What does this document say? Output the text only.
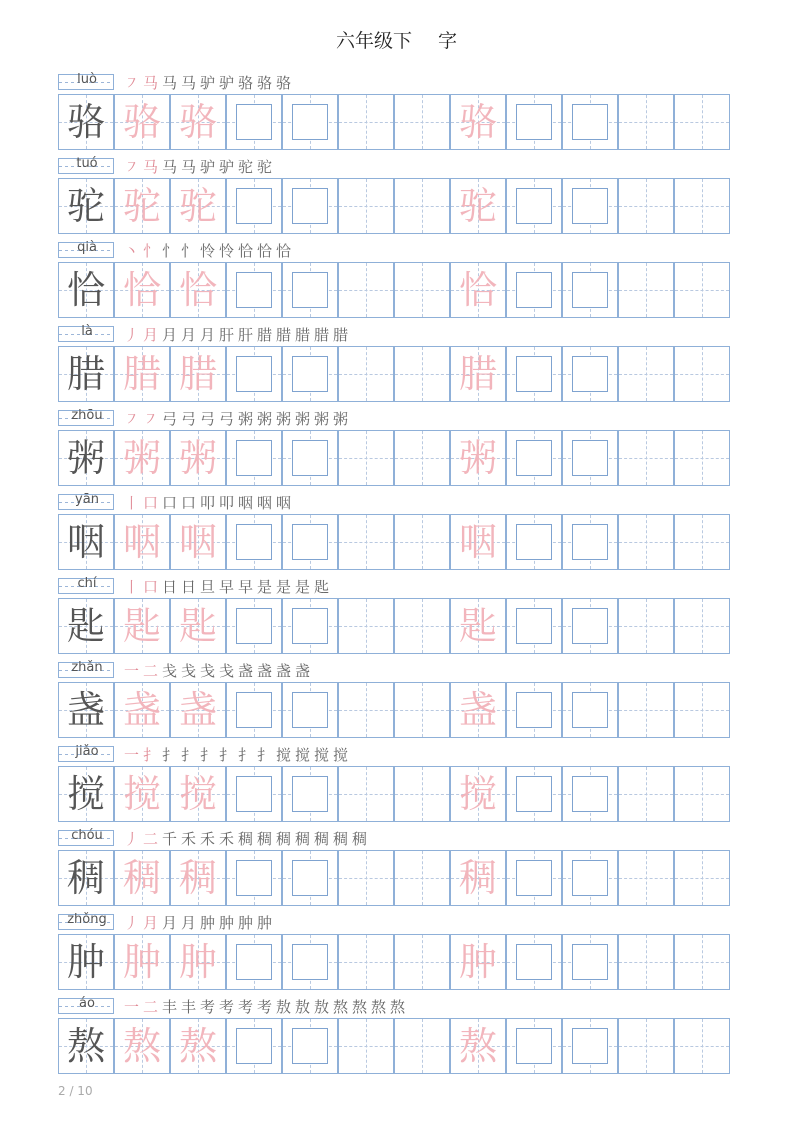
六年级下 字
luò	㇇ 马 马 马 驴 驴 骆 骆 骆
骆 骆 骆	骆
tuó	㇇ 马 马 马 驴 驴 驼 驼
驼 驼 驼	驼
qià	丶 忄 忄 忄 怜 怜 恰 恰 恰
恰 恰 恰	恰
là	丿 月 月 月 月 肝 肝 腊 腊 腊 腊 腊
腊 腊 腊	腊
zhōu	㇇ ㇇ 弓 弓 弓 弓 粥 粥 粥 粥 粥 粥
粥 粥 粥	粥
yān	丨 口 口 口 叩 叩 咽 咽 咽
咽 咽 咽	咽
chí	丨 口 日 日 旦 早 早 是 是 是 匙
匙 匙 匙	匙
zhǎn	一 二 戋 戋 戋 戋 盏 盏 盏 盏
盏 盏 盏	盏
jiǎo	一 扌 扌 扌 扌 扌 扌 扌 搅 搅 搅 搅
搅 搅 搅	搅
chóu	丿 二 千 禾 禾 禾 稠 稠 稠 稠 稠 稠 稠
稠 稠 稠	稠
zhǒng	丿 月 月 月 肿 肿 肿 肿
肿 肿 肿	肿
áo	一 二 丰 丰 考 考 考 考 敖 敖 敖 熬 熬 熬 熬
熬 熬 熬	熬
2 / 10
